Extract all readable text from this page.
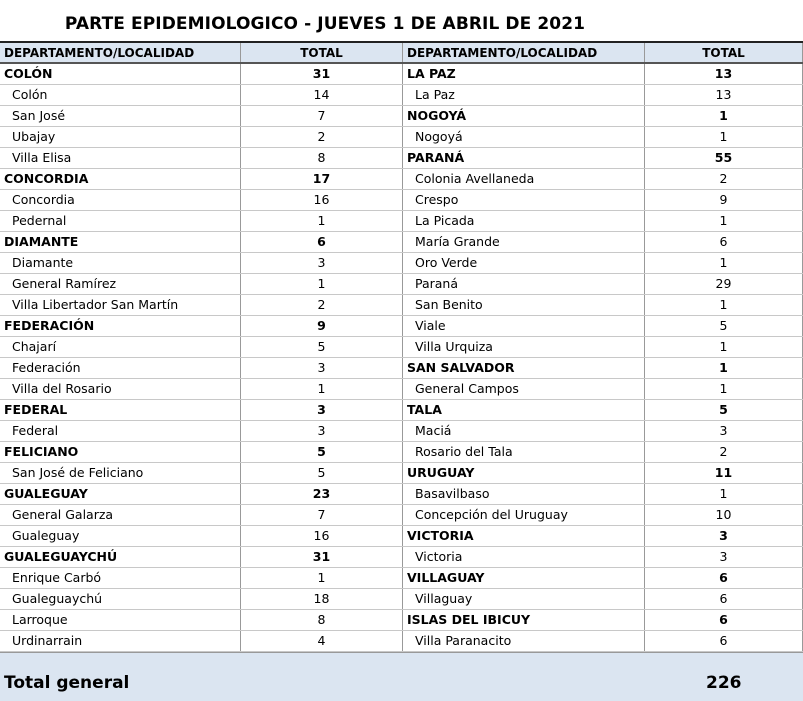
PARTE EPIDEMIOLOGICO - JUEVES 1 DE ABRIL DE 2021
DEPARTAMENTO/LOCALIDAD	TOTAL
COLÓN	31
Colón	14
San José	7
Ubajay	2
Villa Elisa	8
CONCORDIA	17
Concordia	16
Pedernal	1
DIAMANTE	6
Diamante	3
General Ramírez	1
Villa Libertador San Martín	2
FEDERACIÓN	9
Chajarí	5
Federación	3
Villa del Rosario	1
FEDERAL	3
Federal	3
FELICIANO	5
San José de Feliciano	5
GUALEGUAY	23
General Galarza	7
Gualeguay	16
GUALEGUAYCHÚ	31
Enrique Carbó	1
Gualeguaychú	18
Larroque	8
Urdinarrain	4
DEPARTAMENTO/LOCALIDAD	TOTAL
LA PAZ	13
La Paz	13
NOGOYÁ	1
Nogoyá	1
PARANÁ	55
Colonia Avellaneda	2
Crespo	9
La Picada	1
María Grande	6
Oro Verde	1
Paraná	29
San Benito	1
Viale	5
Villa Urquiza	1
SAN SALVADOR	1
General Campos	1
TALA	5
Maciá	3
Rosario del Tala	2
URUGUAY	11
Basavilbaso	1
Concepción del Uruguay	10
VICTORIA	3
Victoria	3
VILLAGUAY	6
Villaguay	6
ISLAS DEL IBICUY	6
Villa Paranacito	6
Total general	226
